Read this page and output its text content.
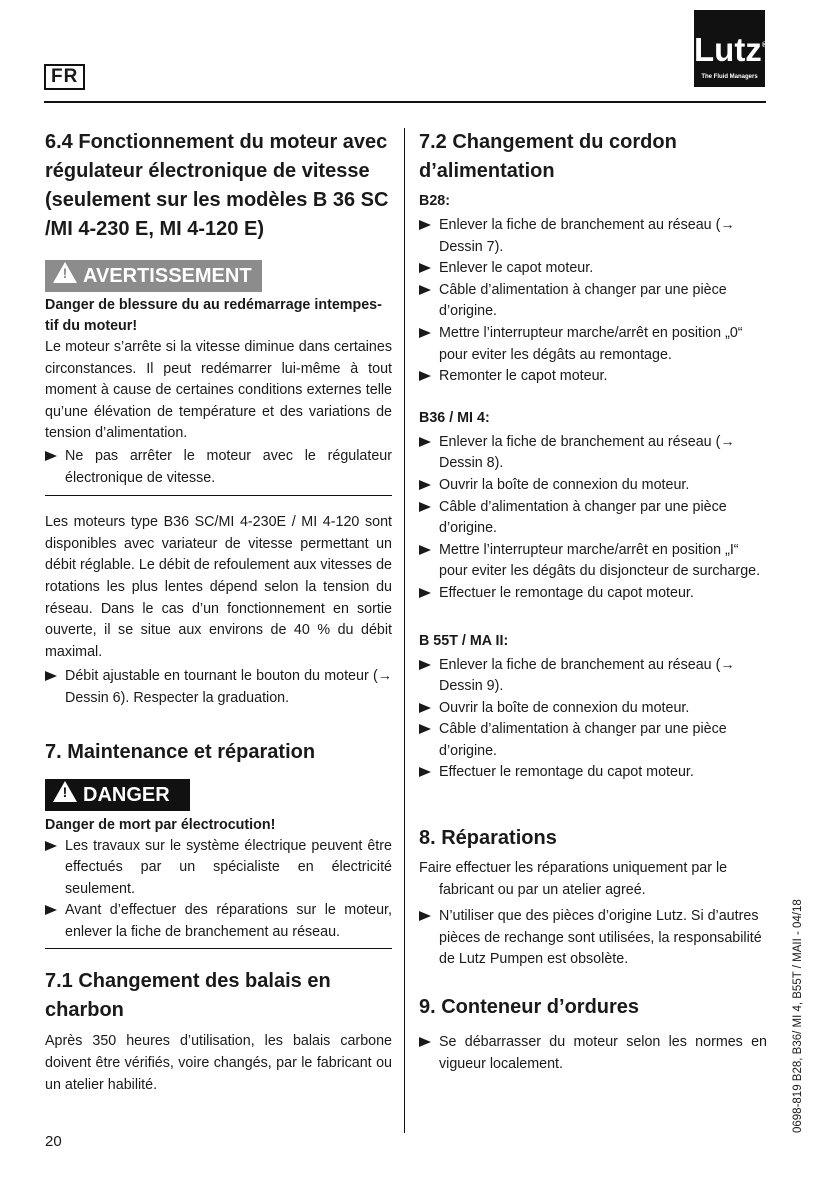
FR
Lutz®
The Fluid Managers
6.4 Fonctionnement du moteur avec
régulateur électronique de vitesse
(seulement sur les modèles B 36 SC
/MI 4-230 E, MI 4-120 E)
! AVERTISSEMENT

Danger de blessure du au redémarrage intempes-
tif du moteur!

Le moteur s’arrête si la vitesse diminue dans certaines circonstances. Il peut redémarrer lui-même à tout moment à cause de certaines conditions externes telle qu’une élévation de température et des variations de tension d’alimentation.

Ne pas arrêter le moteur avec le régulateur électronique de vitesse.

Les moteurs type B36 SC/MI 4-230E / MI 4-120 sont disponibles avec variateur de vitesse permettant un débit réglable. Le débit de refoulement aux vitesses de rotations les plus lentes dépend selon la tension du réseau. Dans le cas d’un fonctionnement en sortie ouverte, il se situe aux environs de 40 % du débit maximal.

Débit ajustable en tournant le bouton du moteur (→ Dessin 6). Respecter la graduation.
7. Maintenance et réparation
! DANGER

Danger de mort par électrocution!

Les travaux sur le système électrique peuvent être effectués par un spécialiste en électricité seulement.
Avant d’effectuer des réparations sur le moteur, enlever la fiche de branchement au réseau.
7.1 Changement des balais en
charbon

Après 350 heures d’utilisation, les balais carbone doivent être vérifiés, voire changés, par le fabricant ou un atelier habilité.

7.2 Changement du cordon
d’alimentation

B28:

Enlever la fiche de branchement au réseau (→ Dessin 7).
Enlever le capot moteur.
Câble d’alimentation à changer par une pièce d’origine.
Mettre l’interrupteur marche/arrêt en position „0“ pour eviter les dégâts au remontage.
Remonter le capot moteur.

B36 / MI 4:

Enlever la fiche de branchement au réseau (→ Dessin 8).
Ouvrir la boîte de connexion du moteur.
Câble d’alimentation à changer par une pièce d’origine.
Mettre l’interrupteur marche/arrêt en position „I“ pour eviter les dégâts du disjoncteur de surcharge.
Effectuer le remontage du capot moteur.

B 55T / MA II:

Enlever la fiche de branchement au réseau (→ Dessin 9).
Ouvrir la boîte de connexion du moteur.
Câble d’alimentation à changer par une pièce d’origine.
Effectuer le remontage du capot moteur.
8. Réparations

Faire effectuer les réparations uniquement par le
fabricant ou par un atelier agreé.

N’utiliser que des pièces d’origine Lutz. Si d’autres pièces de rechange sont utilisées, la responsabilité de Lutz Pumpen est obsolète.
9. Conteneur d’ordures
Se débarrasser du moteur selon les normes en vigueur localement.
20
0698-819 B28, B36/ MI 4, B55T / MAII - 04/18
